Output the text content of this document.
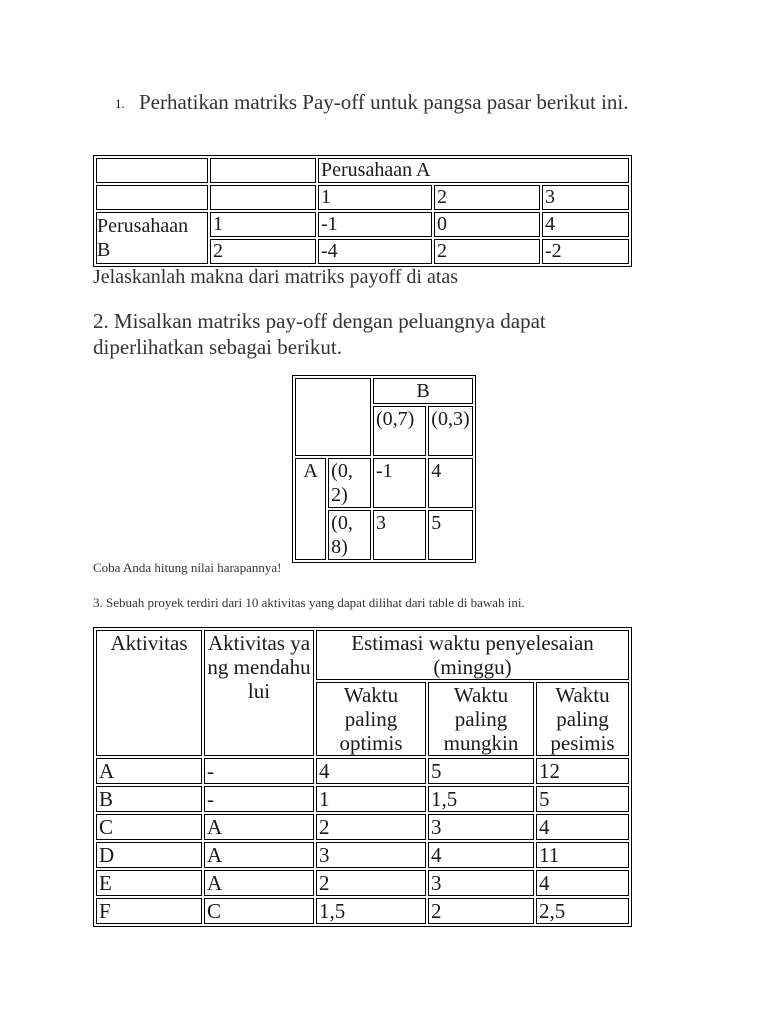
1. Perhatikan matriks Pay-off untuk pangsa pasar berikut ini.
		Perusahaan A		
		1	2	3
Perusahaan
B	1	-1	0	4
	2	-4	2	-2
Jelaskanlah makna dari matriks payoff di atas
2. Misalkan matriks pay-off dengan peluangnya dapat diperlihatkan sebagai berikut.
		B	
		(0,7)	(0,3)
A	(0,2)	-1	4
	(0,8)	3	5
Coba Anda hitung nilai harapannya!
3. Sebuah proyek terdiri dari 10 aktivitas yang dapat dilihat dari table di bawah ini.
Aktivitas	Aktivitas yang mendahului	Estimasi waktu penyelesaian (minggu)		
		Waktu paling optimis	Waktu paling mungkin	Waktu paling pesimis
A	-	4	5	12
B	-	1	1,5	5
C	A	2	3	4
D	A	3	4	11
E	A	2	3	4
F	C	1,5	2	2,5
